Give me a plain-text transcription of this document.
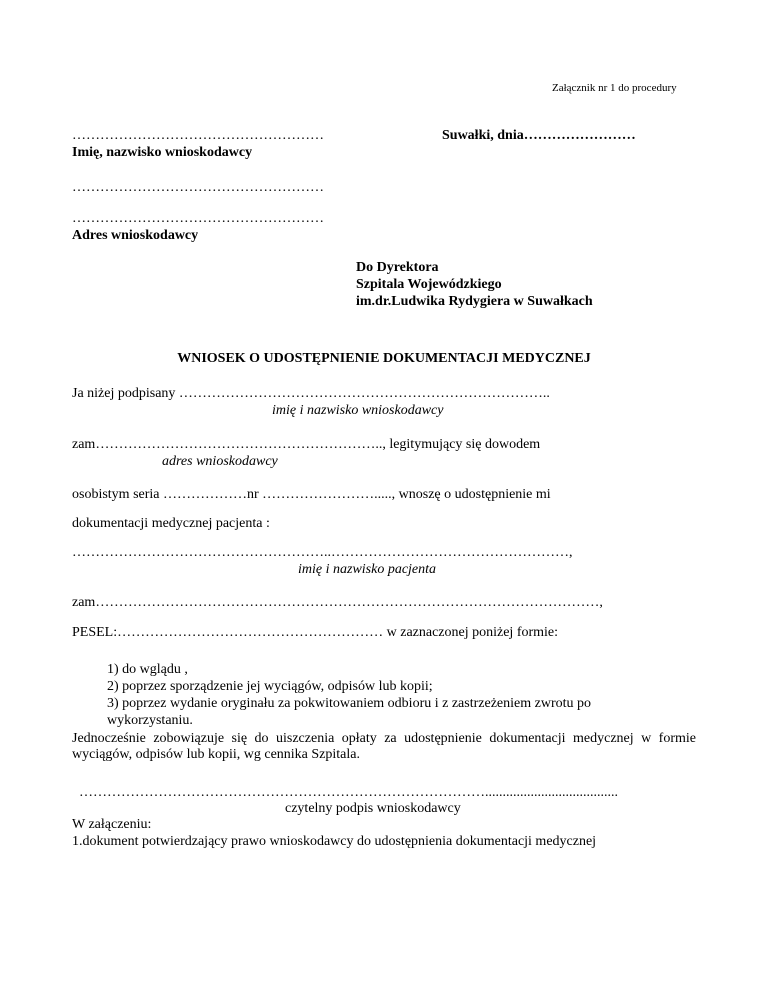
Załącznik nr 1 do procedury
………………………………………………
Imię, nazwisko wnioskodawcy
Suwałki, dnia……………………
………………………………………………
………………………………………………
Adres wnioskodawcy
Do Dyrektora
Szpitala Wojewódzkiego
im.dr.Ludwika Rydygiera w Suwałkach
WNIOSEK O UDOSTĘPNIENIE DOKUMENTACJI MEDYCZNEJ
Ja niżej podpisany ……………………………………………………………………..
imię i nazwisko wnioskodawcy
zam…………………………………………………….., legitymujący się dowodem
adres wnioskodawcy
osobistym seria ………………nr ……………………....., wnoszę o udostępnienie mi
dokumentacji medycznej pacjenta :
………………………………………………..……………………………………………,
imię i nazwisko pacjenta
zam………………………………………………………………………………………………,
PESEL:………………………………………………… w zaznaczonej poniżej formie:
1) do wglądu ,
2) poprzez sporządzenie jej wyciągów, odpisów lub kopii;
3) poprzez wydanie oryginału za pokwitowaniem odbioru i z zastrzeżeniem zwrotu po
wykorzystaniu.
Jednocześnie zobowiązuje się do uiszczenia opłaty za udostępnienie dokumentacji medycznej w formie wyciągów, odpisów lub kopii, wg cennika Szpitala.
……………………………………………………………………………......................................
czytelny podpis wnioskodawcy
W załączeniu:
1.dokument potwierdzający prawo wnioskodawcy do udostępnienia dokumentacji medycznej
